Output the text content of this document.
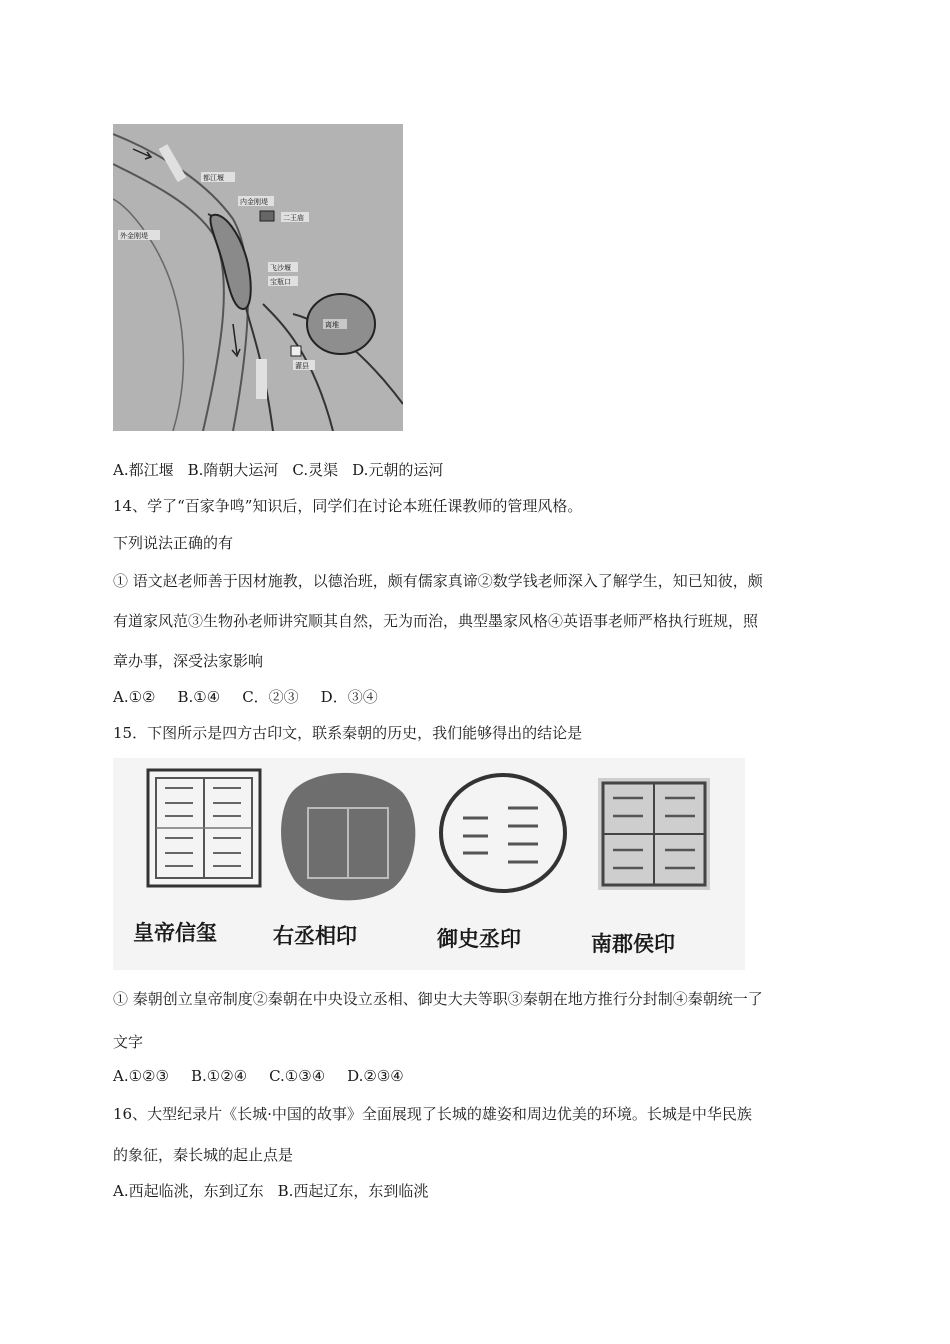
都江堰
内金刚堤
外金刚堤
二王庙
飞沙堰
宝瓶口
离堆
灌县
A.都江堰 B.隋朝大运河 C.灵渠 D.元朝的运河
14、学了“百家争鸣”知识后，同学们在讨论本班任课教师的管理风格。
下列说法正确的有
① 语文赵老师善于因材施教，以德治班，颇有儒家真谛②数学钱老师深入了解学生，知已知彼，颇
有道家风范③生物孙老师讲究顺其自然，无为而治，典型墨家风格④英语事老师严格执行班规，照
章办事，深受法家影响
A.①② B.①④ C．②③ D．③④
15．下图所示是四方古印文，联系秦朝的历史，我们能够得出的结论是
皇帝信玺	右丞相印	御史丞印	南郡侯印
① 秦朝创立皇帝制度②秦朝在中央设立丞相、御史大夫等职③秦朝在地方推行分封制④秦朝统一了
文字
A.①②③ B.①②④ C.①③④ D.②③④
16、大型纪录片《长城·中国的故事》全面展现了长城的雄姿和周边优美的环境。长城是中华民族
的象征，秦长城的起止点是
A.西起临洮，东到辽东 B.西起辽东，东到临洮
